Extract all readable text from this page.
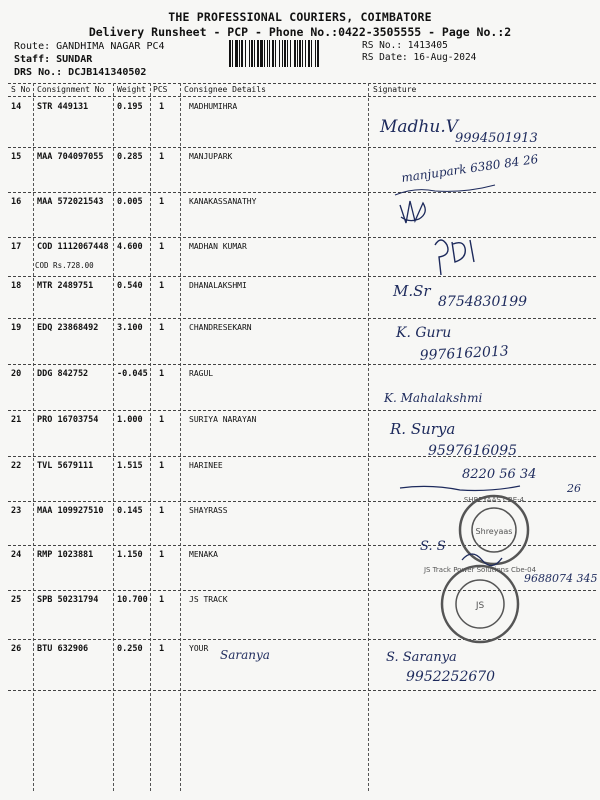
THE PROFESSIONAL COURIERS, COIMBATORE
Delivery Runsheet - PCP - Phone No.:0422-3505555 - Page No.:2
Route: GANDHIMA NAGAR PC4
Staff: SUNDAR
DRS No.: DCJB141340502
RS No.: 1413405
RS Date: 16-Aug-2024
S No Consignment No Weight PCS Consignee Details	Signature
14 STR 449131	0.195 1	MADHUMIHRA
15 MAA 704097055 0.285 1	MANJUPARK
16 MAA 572021543 0.005 1	KANAKASSANATHY
17 COD 1112067448 4.600 1	MADHAN KUMAR
18 MTR 2489751	0.540 1	DHANALAKSHMI
19 EDQ 23868492 3.100 1	CHANDRESEKARN
20 DDG 842752	-0.045 1	RAGUL
21 PRO 16703754 1.000 1	SURIYA NARAYAN
22 TVL 5679111	1.515 1	HARINEE
23 MAA 109927510 0.145 1	SHAYRASS
24 RMP 1023881	1.150 1	MENAKA
25 SPB 50231794 10.700 1	JS TRACK
26 BTU 632906	0.250 1	YOUR
COD Rs.728.00
Madhu.V
9994501913
manjupark 6380 84 26
M.Sr
8754830199
K. Guru
9976162013
K. Mahalakshmi
R. Surya
9597616095
8220 56 34
26
SHREYAAS CBE-4
Shreyaas
S. S
9688074 345
JS Track Power Solutions Cbe-04
JS
Saranya	S. Saranya
9952252670
